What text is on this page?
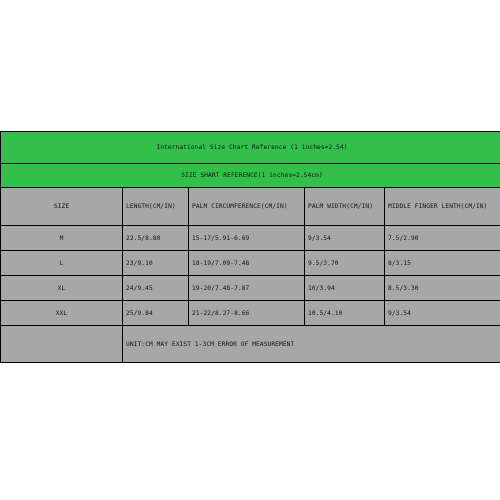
International Size Chart Reference (1 inches=2.54)				
SIZE SHART REFERENCE(1 inches=2.54cm)				
SIZE	LENGTH(CM/IN)	PALM CIRCUMFERENCE(CM/IN)	PALM WIDTH(CM/IN)	MIDDLE FINGER LENTH(CM/IN)
M	22.5/8.80	15-17/5.91-6.69	9/3.54	7.5/2.90
L	23/9.10	18-19/7.09-7.48	9.5/3.70	8/3.15
XL	24/9.45	19-20/7.48-7.87	10/3.94	8.5/3.30
XXL	25/9.84	21-22/8.27-8.66	10.5/4.10	9/3.54
	UNIT:CM MAY EXIST 1-3CM ERROR OF MEASUREMENT			
